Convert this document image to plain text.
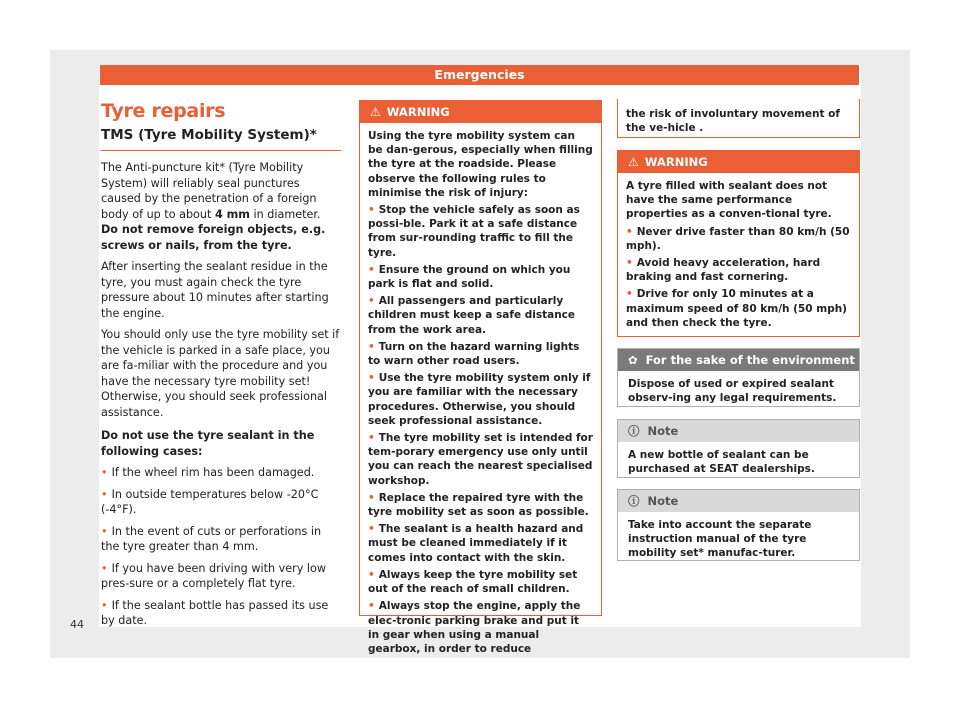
Emergencies
Tyre repairs
TMS (Tyre Mobility System)*

The Anti-puncture kit* (Tyre Mobility System) will reliably seal punctures caused by the penetration of a foreign body of up to about 4 mm in diameter. Do not remove foreign objects, e.g. screws or nails, from the tyre.

After inserting the sealant residue in the tyre, you must again check the tyre pressure about 10 minutes after starting the engine.

You should only use the tyre mobility set if the vehicle is parked in a safe place, you are fa-miliar with the procedure and you have the necessary tyre mobility set! Otherwise, you should seek professional assistance.

Do not use the tyre sealant in the following cases:

• If the wheel rim has been damaged.

• In outside temperatures below -20°C (-4°F).

• In the event of cuts or perforations in the tyre greater than 4 mm.

• If you have been driving with very low pres-sure or a completely flat tyre.

• If the sealant bottle has passed its use by date.

⚠ WARNING

Using the tyre mobility system can be dan-gerous, especially when filling the tyre at the roadside. Please observe the following rules to minimise the risk of injury:

• Stop the vehicle safely as soon as possi-ble. Park it at a safe distance from sur-rounding traffic to fill the tyre.

• Ensure the ground on which you park is flat and solid.

• All passengers and particularly children must keep a safe distance from the work area.

• Turn on the hazard warning lights to warn other road users.

• Use the tyre mobility system only if you are familiar with the necessary procedures. Otherwise, you should seek professional assistance.

• The tyre mobility set is intended for tem-porary emergency use only until you can reach the nearest specialised workshop.

• Replace the repaired tyre with the tyre mobility set as soon as possible.

• The sealant is a health hazard and must be cleaned immediately if it comes into contact with the skin.

• Always keep the tyre mobility set out of the reach of small children.

• Always stop the engine, apply the elec-tronic parking brake and put it in gear when using a manual gearbox, in order to reduce

the risk of involuntary movement of the ve-hicle .

⚠ WARNING

A tyre filled with sealant does not have the same performance properties as a conven-tional tyre.

• Never drive faster than 80 km/h (50 mph).

• Avoid heavy acceleration, hard braking and fast cornering.

• Drive for only 10 minutes at a maximum speed of 80 km/h (50 mph) and then check the tyre.

✿ For the sake of the environment

Dispose of used or expired sealant observ-ing any legal requirements.

ⓘ Note

A new bottle of sealant can be purchased at SEAT dealerships.

ⓘ Note

Take into account the separate instruction manual of the tyre mobility set* manufac-turer.

44
